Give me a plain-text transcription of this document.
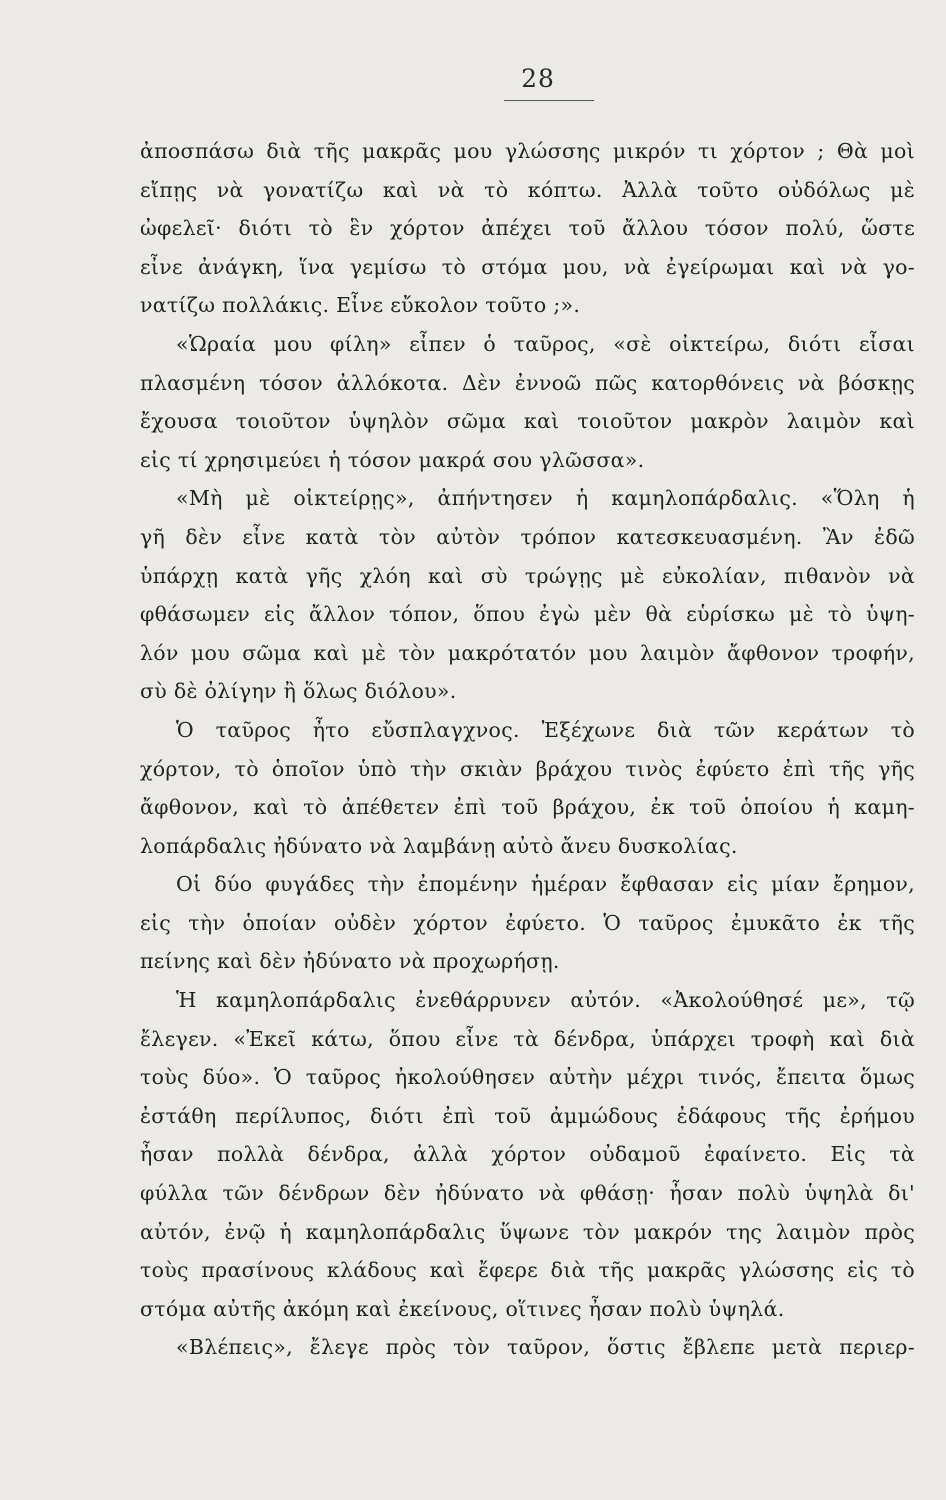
28
ἀποσπάσω διὰ τῆς μακρᾶς μου γλώσσης μικρόν τι χόρτον ; Θὰ μοὶ
εἴπῃς νὰ γονατίζω καὶ νὰ τὸ κόπτω. Ἀλλὰ τοῦτο οὐδόλως μὲ
ὠφελεῖ· διότι τὸ ἓν χόρτον ἀπέχει τοῦ ἄλλου τόσον πολύ, ὥστε
εἶνε ἀνάγκη, ἵνα γεμίσω τὸ στόμα μου, νὰ ἐγείρωμαι καὶ νὰ γο-
νατίζω πολλάκις. Εἶνε εὔκολον τοῦτο ;».
«Ὡραία μου φίλη» εἶπεν ὁ ταῦρος, «σὲ οἰκτείρω, διότι εἶσαι
πλασμένη τόσον ἀλλόκοτα. Δὲν ἐννοῶ πῶς κατορθόνεις νὰ βόσκῃς
ἔχουσα τοιοῦτον ὑψηλὸν σῶμα καὶ τοιοῦτον μακρὸν λαιμὸν καὶ
εἰς τί χρησιμεύει ἡ τόσον μακρά σου γλῶσσα».
«Μὴ μὲ οἰκτείρῃς», ἀπήντησεν ἡ καμηλοπάρδαλις. «Ὅλη ἡ
γῆ δὲν εἶνε κατὰ τὸν αὐτὸν τρόπον κατεσκευασμένη. Ἂν ἐδῶ
ὑπάρχῃ κατὰ γῆς χλόη καὶ σὺ τρώγῃς μὲ εὐκολίαν, πιθανὸν νὰ
φθάσωμεν εἰς ἄλλον τόπον, ὅπου ἐγὼ μὲν θὰ εὑρίσκω μὲ τὸ ὑψη-
λόν μου σῶμα καὶ μὲ τὸν μακρότατόν μου λαιμὸν ἄφθονον τροφήν,
σὺ δὲ ὀλίγην ἢ ὅλως διόλου».
Ὁ ταῦρος ἦτο εὔσπλαγχνος. Ἐξέχωνε διὰ τῶν κεράτων τὸ
χόρτον, τὸ ὁποῖον ὑπὸ τὴν σκιὰν βράχου τινὸς ἐφύετο ἐπὶ τῆς γῆς
ἄφθονον, καὶ τὸ ἀπέθετεν ἐπὶ τοῦ βράχου, ἐκ τοῦ ὁποίου ἡ καμη-
λοπάρδαλις ἠδύνατο νὰ λαμβάνῃ αὐτὸ ἄνευ δυσκολίας.
Οἱ δύο φυγάδες τὴν ἐπομένην ἡμέραν ἔφθασαν εἰς μίαν ἔρημον,
εἰς τὴν ὁποίαν οὐδὲν χόρτον ἐφύετο. Ὁ ταῦρος ἐμυκᾶτο ἐκ τῆς
πείνης καὶ δὲν ἠδύνατο νὰ προχωρήσῃ.
Ἡ καμηλοπάρδαλις ἐνεθάρρυνεν αὐτόν. «Ἀκολούθησέ με», τῷ
ἔλεγεν. «Ἐκεῖ κάτω, ὅπου εἶνε τὰ δένδρα, ὑπάρχει τροφὴ καὶ διὰ
τοὺς δύο». Ὁ ταῦρος ἠκολούθησεν αὐτὴν μέχρι τινός, ἔπειτα ὅμως
ἐστάθη περίλυπος, διότι ἐπὶ τοῦ ἀμμώδους ἐδάφους τῆς ἐρήμου
ἦσαν πολλὰ δένδρα, ἀλλὰ χόρτον οὐδαμοῦ ἐφαίνετο. Εἰς τὰ
φύλλα τῶν δένδρων δὲν ἠδύνατο νὰ φθάσῃ· ἦσαν πολὺ ὑψηλὰ δι'
αὐτόν, ἐνῷ ἡ καμηλοπάρδαλις ὕψωνε τὸν μακρόν της λαιμὸν πρὸς
τοὺς πρασίνους κλάδους καὶ ἔφερε διὰ τῆς μακρᾶς γλώσσης εἰς τὸ
στόμα αὐτῆς ἀκόμη καὶ ἐκείνους, οἵτινες ἦσαν πολὺ ὑψηλά.
«Βλέπεις», ἔλεγε πρὸς τὸν ταῦρον, ὅστις ἔβλεπε μετὰ περιερ-
